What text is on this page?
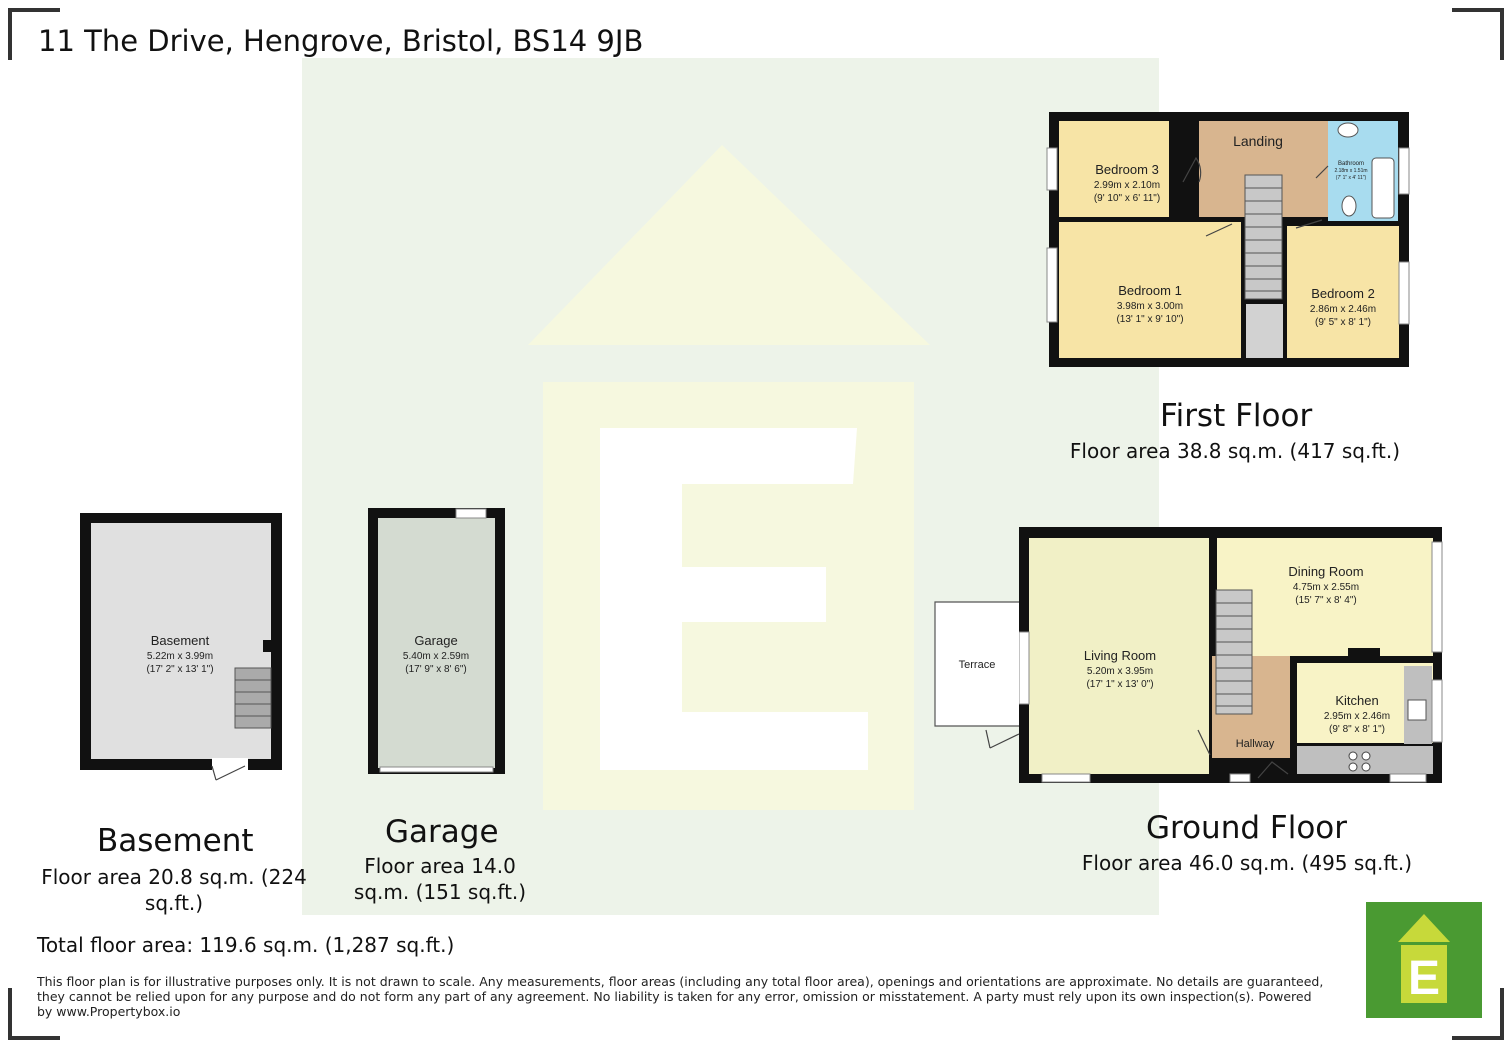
11 The Drive, Hengrove, Bristol, BS14 9JB
Bedroom 3
2.99m x 2.10m
(9' 10" x 6' 11")
Landing
Bathroom
2.18m x 1.51m
(7' 1" x 4' 11")
Bedroom 1
3.98m x 3.00m
(13' 1" x 9' 10")
Bedroom 2
2.86m x 2.46m
(9' 5" x 8' 1")
Terrace
Living Room
5.20m x 3.95m
(17' 1" x 13' 0")
Dining Room
4.75m x 2.55m
(15' 7" x 8' 4")
Kitchen
2.95m x 2.46m
(9' 8" x 8' 1")
Hallway
Basement
5.22m x 3.99m
(17' 2" x 13' 1")
Garage
5.40m x 2.59m
(17' 9" x 8' 6")
First Floor
Floor area 38.8 sq.m. (417 sq.ft.)
Ground Floor
Floor area 46.0 sq.m. (495 sq.ft.)
Basement
Floor area 20.8 sq.m. (224 sq.ft.)
Garage
Floor area 14.0 sq.m. (151 sq.ft.)
Total floor area: 119.6 sq.m. (1,287 sq.ft.)
This floor plan is for illustrative purposes only. It is not drawn to scale. Any measurements, floor areas (including any total floor area), openings and orientations are approximate. No details are guaranteed, they cannot be relied upon for any purpose and do not form any part of any agreement. No liability is taken for any error, omission or misstatement. A party must rely upon its own inspection(s). Powered by www.Propertybox.io
E
